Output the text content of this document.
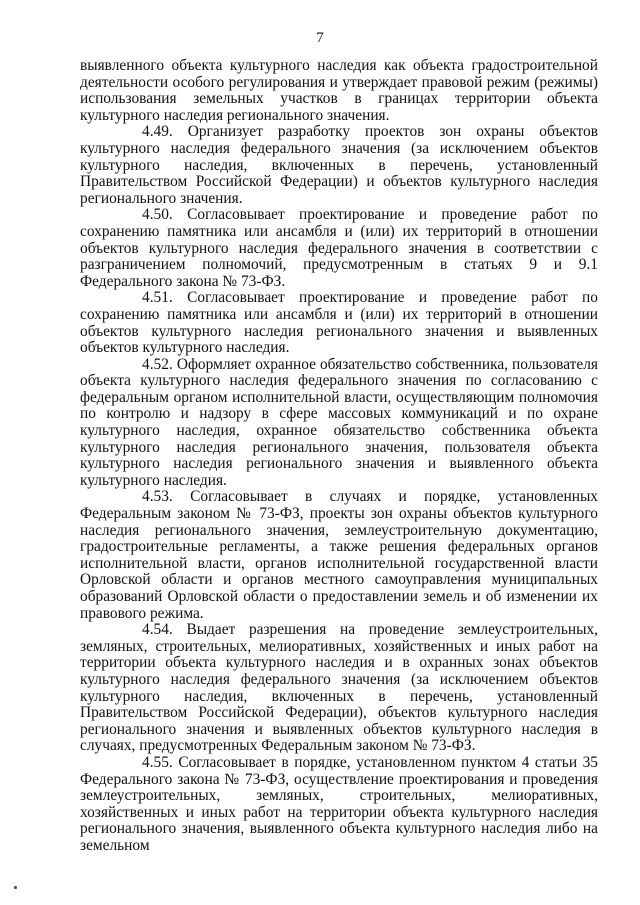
7

выявленного объекта культурного наследия как объекта градостроительной деятельности особого регулирования и утверждает правовой режим (режимы) использования земельных участков в границах территории объекта культурного наследия регионального значения.

4.49. Организует разработку проектов зон охраны объектов культурного наследия федерального значения (за исключением объектов культурного наследия, включенных в перечень, установленный Правительством Российской Федерации) и объектов культурного наследия регионального значения.

4.50. Согласовывает проектирование и проведение работ по сохранению памятника или ансамбля и (или) их территорий в отношении объектов культурного наследия федерального значения в соответствии с разграничением полномочий, предусмотренным в статьях 9 и 9.1 Федерального закона № 73-ФЗ.

4.51. Согласовывает проектирование и проведение работ по сохранению памятника или ансамбля и (или) их территорий в отношении объектов культурного наследия регионального значения и выявленных объектов культурного наследия.

4.52. Оформляет охранное обязательство собственника, пользователя объекта культурного наследия федерального значения по согласованию с федеральным органом исполнительной власти, осуществляющим полномочия по контролю и надзору в сфере массовых коммуникаций и по охране культурного наследия, охранное обязательство собственника объекта культурного наследия регионального значения, пользователя объекта культурного наследия регионального значения и выявленного объекта культурного наследия.

4.53. Согласовывает в случаях и порядке, установленных Федеральным законом № 73-ФЗ, проекты зон охраны объектов культурного наследия регионального значения, землеустроительную документацию, градостроительные регламенты, а также решения федеральных органов исполнительной власти, органов исполнительной государственной власти Орловской области и органов местного самоуправления муниципальных образований Орловской области о предоставлении земель и об изменении их правового режима.

4.54. Выдает разрешения на проведение землеустроительных, земляных, строительных, мелиоративных, хозяйственных и иных работ на территории объекта культурного наследия и в охранных зонах объектов культурного наследия федерального значения (за исключением объектов культурного наследия, включенных в перечень, установленный Правительством Российской Федерации), объектов культурного наследия регионального значения и выявленных объектов культурного наследия в случаях, предусмотренных Федеральным законом № 73-ФЗ.

4.55. Согласовывает в порядке, установленном пунктом 4 статьи 35 Федерального закона № 73-ФЗ, осуществление проектирования и проведения землеустроительных, земляных, строительных, мелиоративных, хозяйственных и иных работ на территории объекта культурного наследия регионального значения, выявленного объекта культурного наследия либо на земельном
